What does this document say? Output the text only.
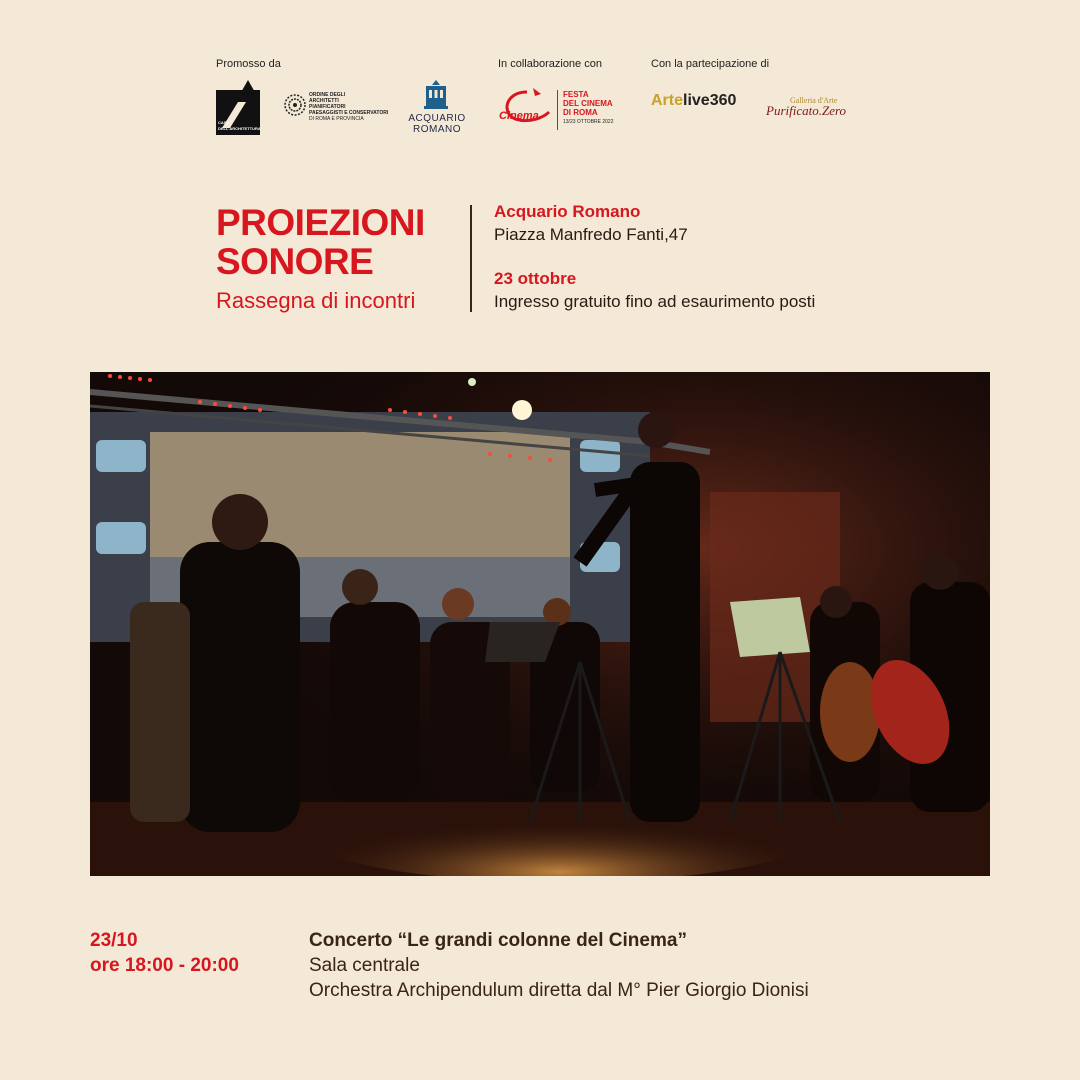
Promosso da	In collaborazione con	Con la partecipazione di
CASA DELL'ARCHITETTURA
ORDINE DEGLI
ARCHITETTI
PIANIFICATORI
PAESAGGISTI E CONSERVATORI
DI ROMA E PROVINCIA	ACQUARIO
ROMANO
Cinema
FESTA
DEL CINEMA
DI ROMA
13/23 OTTOBRE 2022
Artelive360	Galleria d'Arte
Purificato.Zero
PROIEZIONI
SONORE
Rassegna di incontri
Acquario Romano
Piazza Manfredo Fanti,47
23 ottobre
Ingresso gratuito fino ad esaurimento posti
23/10
ore 18:00 - 20:00
Concerto “Le grandi colonne del Cinema”
Sala centrale
Orchestra Archipendulum diretta dal M° Pier Giorgio Dionisi
